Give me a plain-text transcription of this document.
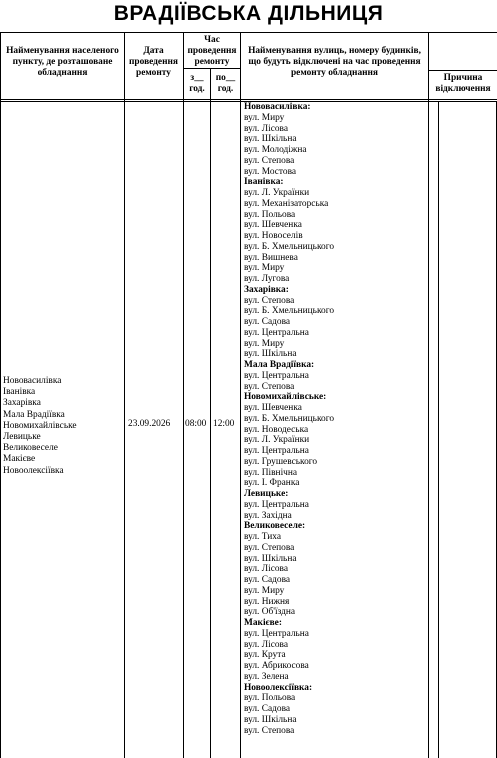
ВРАДІЇВСЬКА ДІЛЬНИЦЯ
Найменування населеного пункту, де розташоване обладнання
Дата проведення ремонту
Час проведення ремонту
з__ год.
по__ год.
Найменування вулиць, номеру будинків, що будуть відключені на час проведення ремонту обладнання	Причина відключення
Нововасилівка
Іванівка
Захарівка
Мала Врадіївка
Новомихайлівське
Левицьке
Великовеселе
Макієве
Новоолексіївка
23.09.2026 08:00 12:00
Нововасилівка:
вул. Миру
вул. Лісова
вул. Шкільна
вул. Молодіжна
вул. Степова
вул. Мостова
Іванівка:
вул. Л. Українки
вул. Механізаторська
вул. Польова
вул. Шевченка
вул. Новоселів
вул. Б. Хмельницького
вул. Вишнева
вул. Миру
вул. Лугова
Захарівка:
вул. Степова
вул. Б. Хмельницького
вул. Садова
вул. Центральна
вул. Миру
вул. Шкільна
Мала Врадіївка:
вул. Центральна
вул. Степова
Новомихайлівське:
вул. Шевченка
вул. Б. Хмельницького
вул. Новодеська
вул. Л. Українки
вул. Центральна
вул. Грушевського
вул. Північна
вул. І. Франка
Левицьке:
вул. Центральна
вул. Західна
Великовеселе:
вул. Тиха
вул. Степова
вул. Шкільна
вул. Лісова
вул. Садова
вул. Миру
вул. Нижня
вул. Об'їздна
Макієве:
вул. Центральна
вул. Лісова
вул. Крута
вул. Абрикосова
вул. Зелена
Новоолексіївка:
вул. Польова
вул. Садова
вул. Шкільна
вул. Степова
